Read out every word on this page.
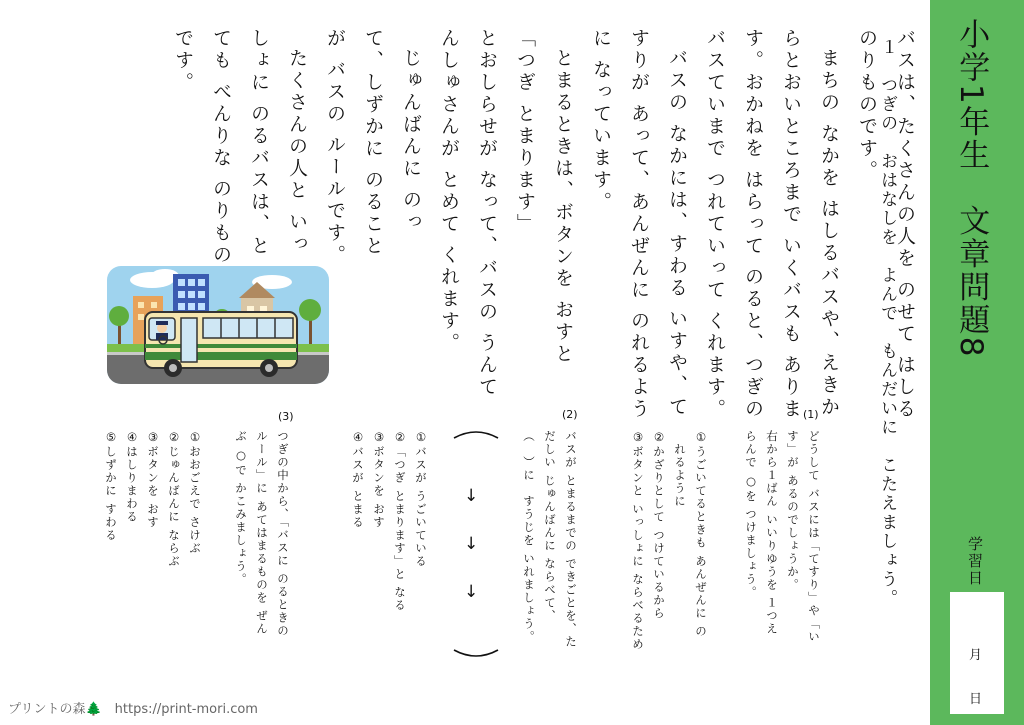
小学1年生　文章問題8
学習日
月
日
１　つぎの　おはなしを　よんで　もんだいに　こたえましょう。

バスは、たくさんの人を のせて はしる

のりものです。

まちの なかを はしるバスや、えきか

らとおいところまで いくバスも ありま

す。おかねを はらって のると、つぎの

バスていまで つれていって くれます。

バスの なかには、すわる いすや、て

すりが あって、あんぜんに のれるよう

に なっています。

とまるときは、ボタンを おすと

「つぎ とまります」

とおしらせが なって、バスの うんて

んしゅさんが とめて くれます。

じゅんばんに のっ

て、しずかに のること

が バスの ルールです。

たくさんの人と いっ

しょに のるバスは、と

ても べんりな のりもの

です。

(1)

どうして バスには「てすり」や「い

す」が あるのでしょうか。

右から１ばん いいりゆうを １つえ

らんで ○を つけましょう。

①うごいてるときも あんぜんに の

　れるように

②かざりとして つけているから

③ボタンと いっしょに ならべるため

(2)

バスが とまるまでの できごとを、た

だしい じゅんばんに ならべて、

（　）に　すうじを いれましょう。

↓
↓
↓

①バスが うごいている

②「つぎ とまります」と なる

③ボタンを おす

④バスが とまる

(3)

つぎの中から、「バスに のるときの

ルール」に あてはまるものを ぜん

ぶ ○で かこみましょう。

①おおごえで さけぶ

②じゅんばんに ならぶ

③ボタンを おす

④はしりまわる

⑤しずかに すわる

プリントの森🌲　https://print-mori.com
